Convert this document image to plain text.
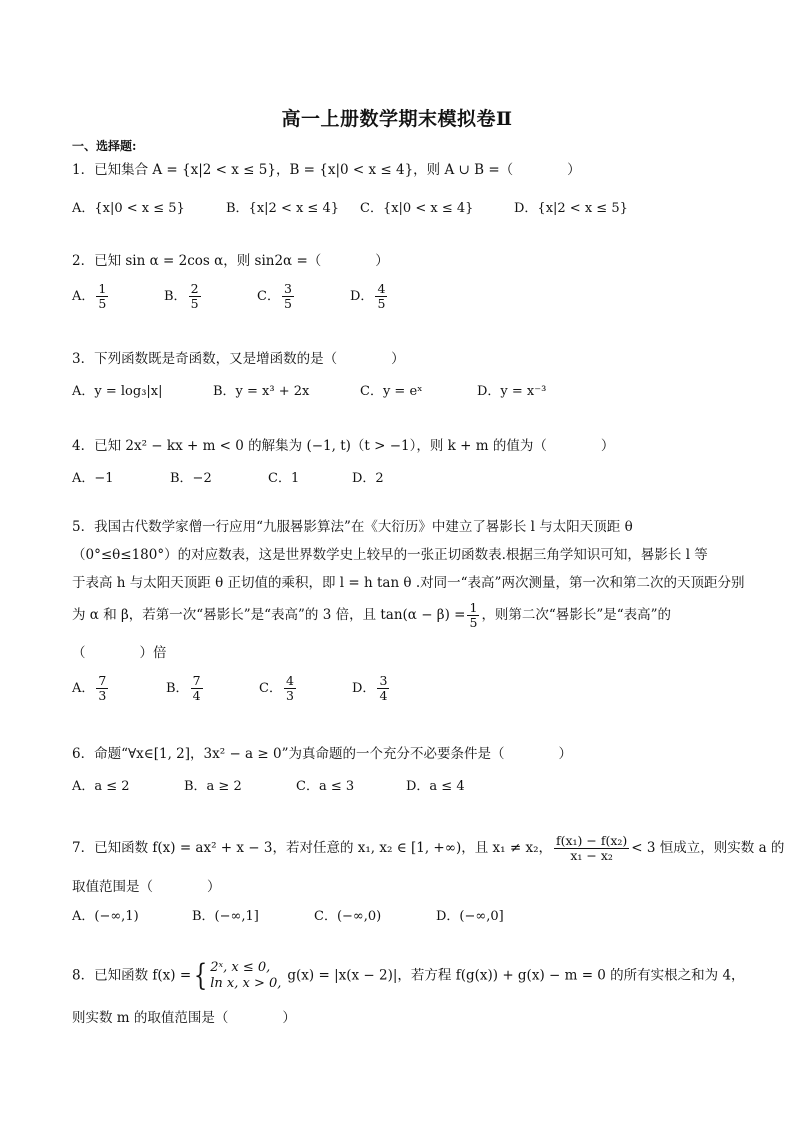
高一上册数学期末模拟卷Ⅱ
一、选择题:
1．已知集合 A = {x|2 < x ≤ 5}，B = {x|0 < x ≤ 4}，则 A ∪ B =（　　　　）
A．{x|0 < x ≤ 5}	B．{x|2 < x ≤ 4} C．{x|0 < x ≤ 4}	D．{x|2 < x ≤ 5}
2．已知 sin α = 2cos α，则 sin2α =（　　　　）
A． $\frac{1}{5}$	B． $\frac{2}{5}$	C． $\frac{3}{5}$	D． $\frac{4}{5}$
3．下列函数既是奇函数，又是增函数的是（　　　　）
A．y = log₃|x|	B．y = x³ + 2x	C．y = eˣ	D．y = x⁻³
4．已知 2x² − kx + m < 0 的解集为 (−1, t)（t > −1），则 k + m 的值为（　　　　）
A．−1	B．−2	C．1	D．2
5．我国古代数学家僧一行应用“九服晷影算法”在《大衍历》中建立了晷影长 l 与太阳天顶距 θ
（0°≤θ≤180°）的对应数表，这是世界数学史上较早的一张正切函数表.根据三角学知识可知，晷影长 l 等
于表高 h 与太阳天顶距 θ 正切值的乘积，即 l = h tan θ .对同一“表高”两次测量，第一次和第二次的天顶距分别
为 α 和 β，若第一次“晷影长”是“表高”的 3 倍，且 $\tan(\alpha - \beta) = \frac{1}{5}$ ，则第二次“晷影长”是“表高”的
（　　　　）倍
A． $\frac{7}{3}$	B． $\frac{7}{4}$	C． $\frac{4}{3}$	D． $\frac{3}{4}$
6．命题“∀x∈[1, 2]，3x² − a ≥ 0”为真命题的一个充分不必要条件是（　　　　）
A．a ≤ 2	B．a ≥ 2	C．a ≤ 3	D．a ≤ 4
7．已知函数 f(x) = ax² + x − 3，若对任意的 x₁, x₂ ∈ [1, +∞)，且 x₁ ≠ x₂， $\frac{\text{f(x₁) − f(x₂)}}{\text{x₁ − x₂}} < 3$ 恒成立，则实数 a 的
取值范围是（　　　　）
A．(−∞,1)	B．(−∞,1]	C．(−∞,0)	D．(−∞,0]
8．已知函数 f(x) ={ 2ˣ, x ≤ 0,
ln x, x > 0, g(x) = |x(x − 2)|，若方程 f(g(x)) + g(x) − m = 0 的所有实根之和为 4，
则实数 m 的取值范围是（　　　　）
